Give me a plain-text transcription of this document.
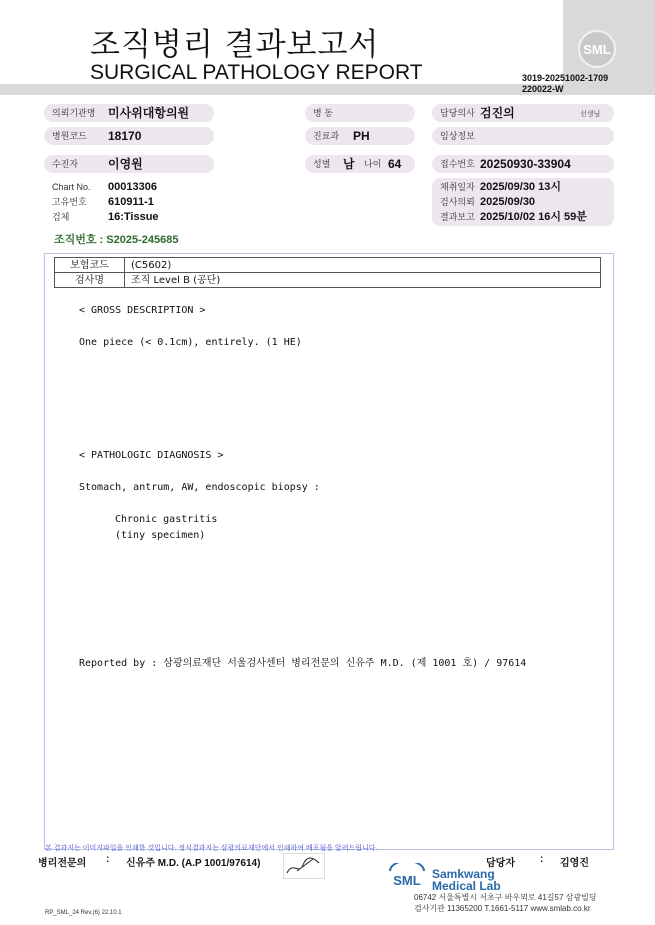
조직병리 결과보고서
SURGICAL PATHOLOGY REPORT
SML
3019-20251002-1709
220022-W
의뢰기관명 미사위대항의원
병원코드 18170
수진자 이영원
Chart No. 00013306
고유번호 610911-1
검체	16:Tissue
병 동
진료과 PH
성별 남 나이 64
담당의사 검진의	선생님
임상정보
접수번호 20250930-33904
채취일자 2025/09/30 13시
검사의뢰 2025/09/30
결과보고 2025/10/02 16시 59분
조직번호 : S2025-245685
보험코드	(C5602)
검사명	조직 Level B (공단)
< GROSS DESCRIPTION >
One piece (< 0.1cm), entirely. (1 HE)
< PATHOLOGIC DIAGNOSIS >
Stomach, antrum, AW, endoscopic biopsy :
Chronic gastritis
(tiny specimen)
Reported by : 삼광의료재단 서울검사센터 병리전문의 신유주 M.D. (제 1001 호) / 97614
본 결과지는 이미지파일을 인쇄한 것입니다. 정식결과지는 삼광의료재단에서 인쇄하여 배포됨을 알려드립니다.
병리전문의 : 신유주 M.D. (A.P 1001/97614)	담당자	: 김영진
SML Samkwang
Medical Lab
06742 서울특별시 서초구 바우뫼로 41길57 삼광빌딩
검사기관 11365200 T.1661-5117 www.smlab.co.kr
RP_SML_24 Rev.(6) 22.10.1
